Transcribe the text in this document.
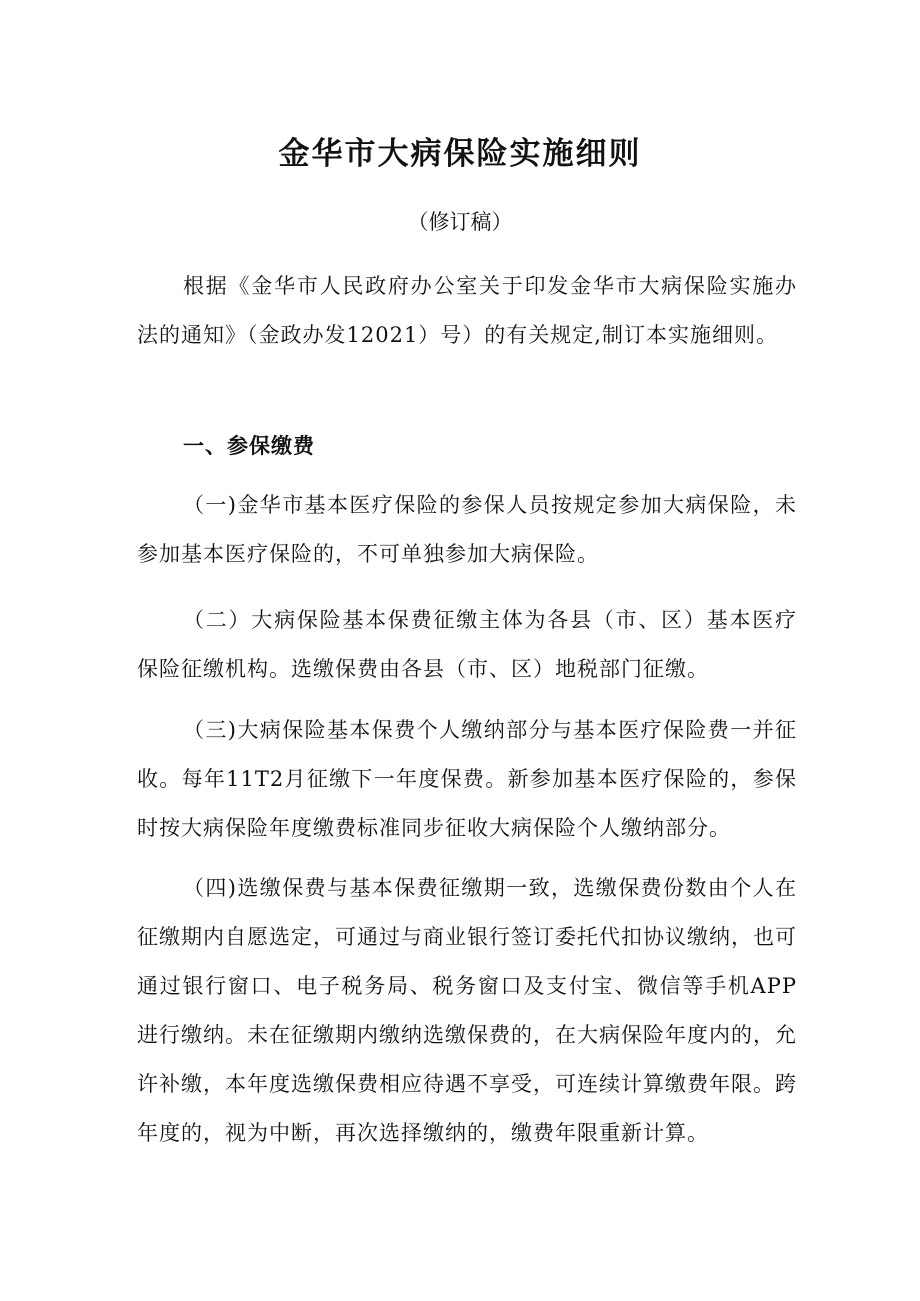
金华市大病保险实施细则
（修订稿）

根据《金华市人民政府办公室关于印发金华市大病保险实施办法的通知》（金政办发12021）号）的有关规定,制订本实施细则。

一、参保缴费

（一)金华市基本医疗保险的参保人员按规定参加大病保险，未参加基本医疗保险的，不可单独参加大病保险。

（二）大病保险基本保费征缴主体为各县（市、区）基本医疗保险征缴机构。选缴保费由各县（市、区）地税部门征缴。

（三)大病保险基本保费个人缴纳部分与基本医疗保险费一并征收。每年11T2月征缴下一年度保费。新参加基本医疗保险的，参保时按大病保险年度缴费标准同步征收大病保险个人缴纳部分。

（四)选缴保费与基本保费征缴期一致，选缴保费份数由个人在征缴期内自愿选定，可通过与商业银行签订委托代扣协议缴纳，也可通过银行窗口、电子税务局、税务窗口及支付宝、微信等手机APP进行缴纳。未在征缴期内缴纳选缴保费的，在大病保险年度内的，允许补缴，本年度选缴保费相应待遇不享受，可连续计算缴费年限。跨年度的，视为中断，再次选择缴纳的，缴费年限重新计算。
